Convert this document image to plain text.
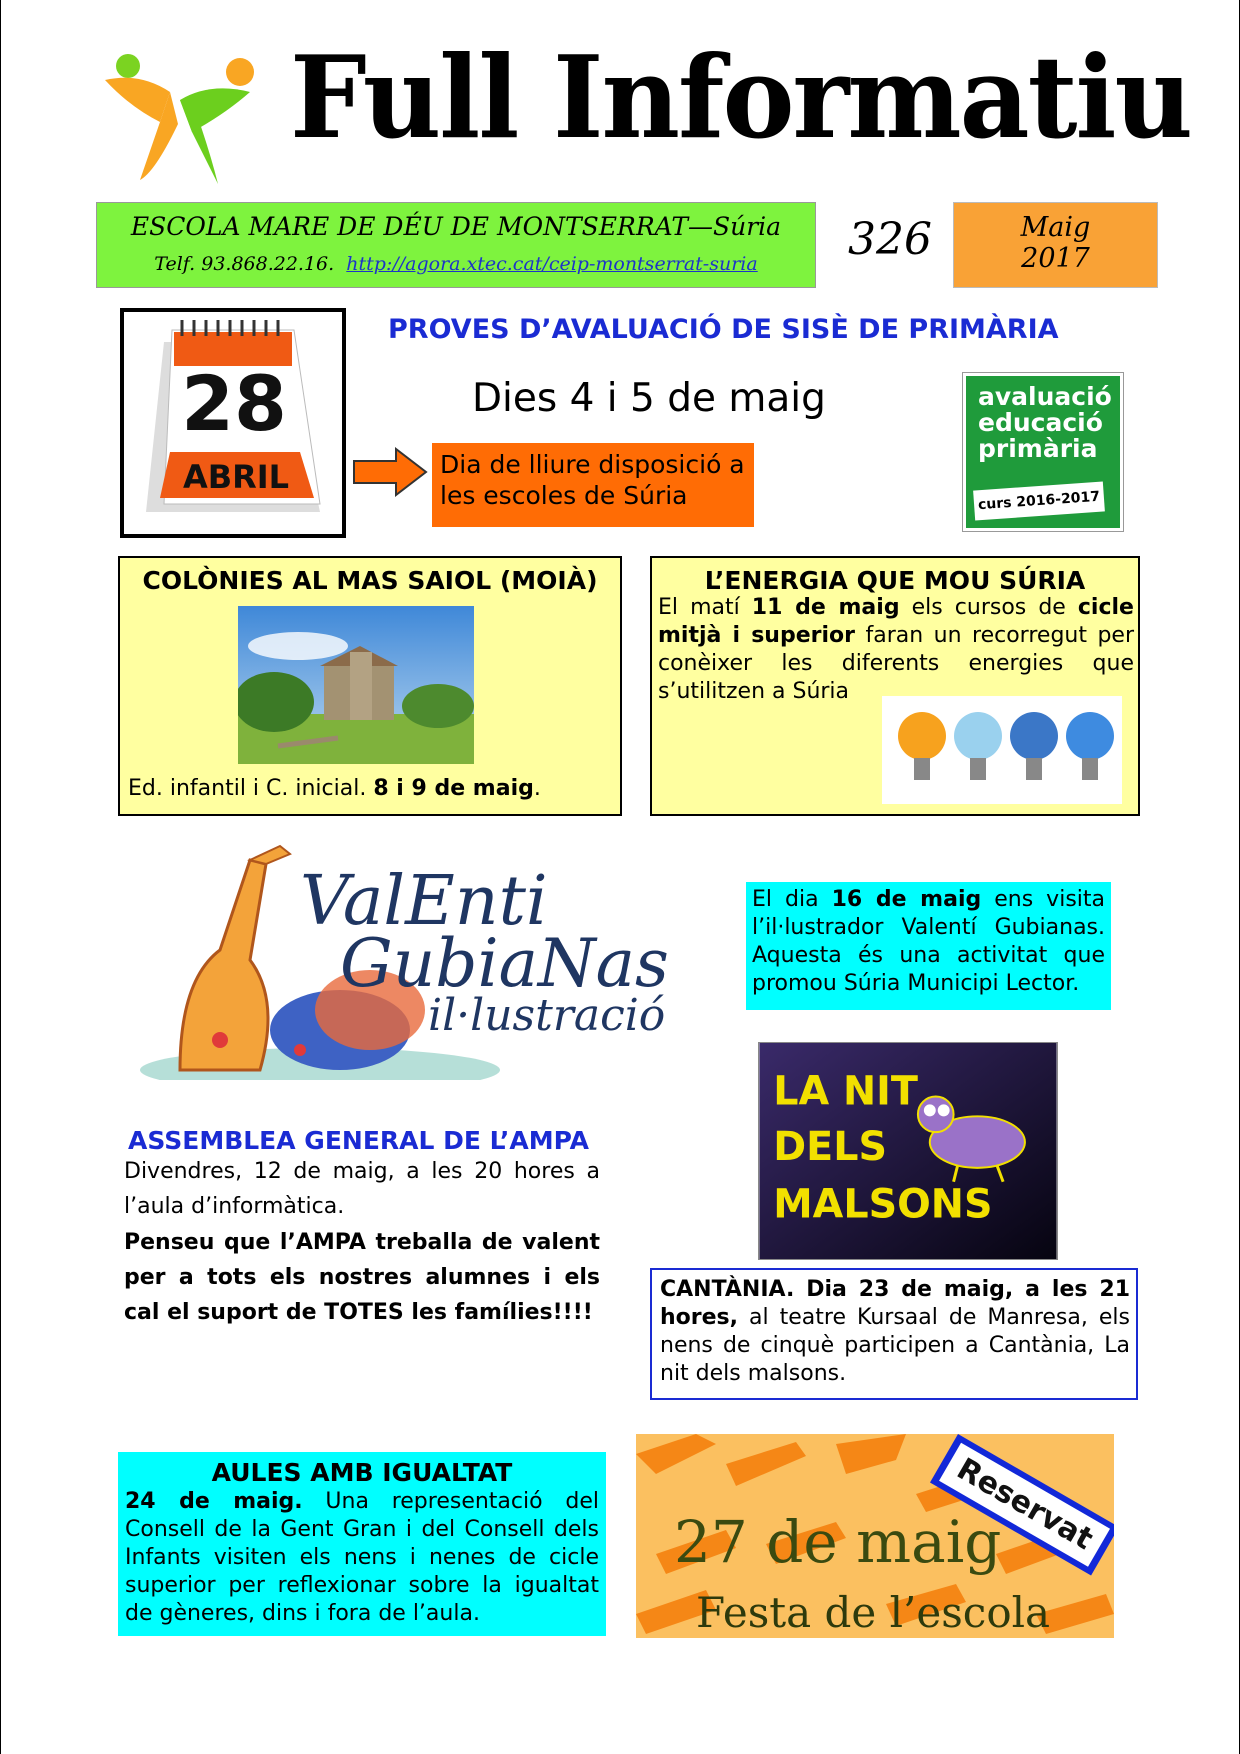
Full Informatiu
ESCOLA MARE DE DÉU DE MONTSERRAT—Súria
Telf. 93.868.22.16. http://agora.xtec.cat/ceip-montserrat-suria	326	Maig
2017
28
ABRIL
PROVES D’AVALUACIÓ DE SISÈ DE PRIMÀRIA
Dies 4 i 5 de maig
Dia de lliure disposició a les escoles de Súria
avaluació
educació
primària
curs 2016-2017
COLÒNIES AL MAS SAIOL (MOIÀ)
Ed. infantil i C. inicial. 8 i 9 de maig.
L’ENERGIA QUE MOU SÚRIA
El matí 11 de maig els cursos de cicle mitjà i superior faran un recorregut per conèixer les diferents energies que s’utilitzen a Súria
ValEnti
GubiaNas
il·lustració
El dia 16 de maig ens visita l’il·lustrador Valentí Gubianas. Aquesta és una activitat que promou Súria Municipi Lector.
LA NIT
DELS
MALSONS
ASSEMBLEA GENERAL DE L’AMPA
Divendres, 12 de maig, a les 20 hores a l’aula d’informàtica.
Penseu que l’AMPA treballa de valent per a tots els nostres alumnes i els cal el suport de TOTES les famílies!!!!
CANTÀNIA. Dia 23 de maig, a les 21 hores, al teatre Kursaal de Manresa, els nens de cinquè participen a Cantània, La nit dels malsons.
AULES AMB IGUALTAT
24 de maig. Una representació del Consell de la Gent Gran i del Consell dels Infants visiten els nens i nenes de cicle superior per reflexionar sobre la igualtat de gèneres, dins i fora de l’aula.
27 de maig
Festa de l’escola
Reservat
